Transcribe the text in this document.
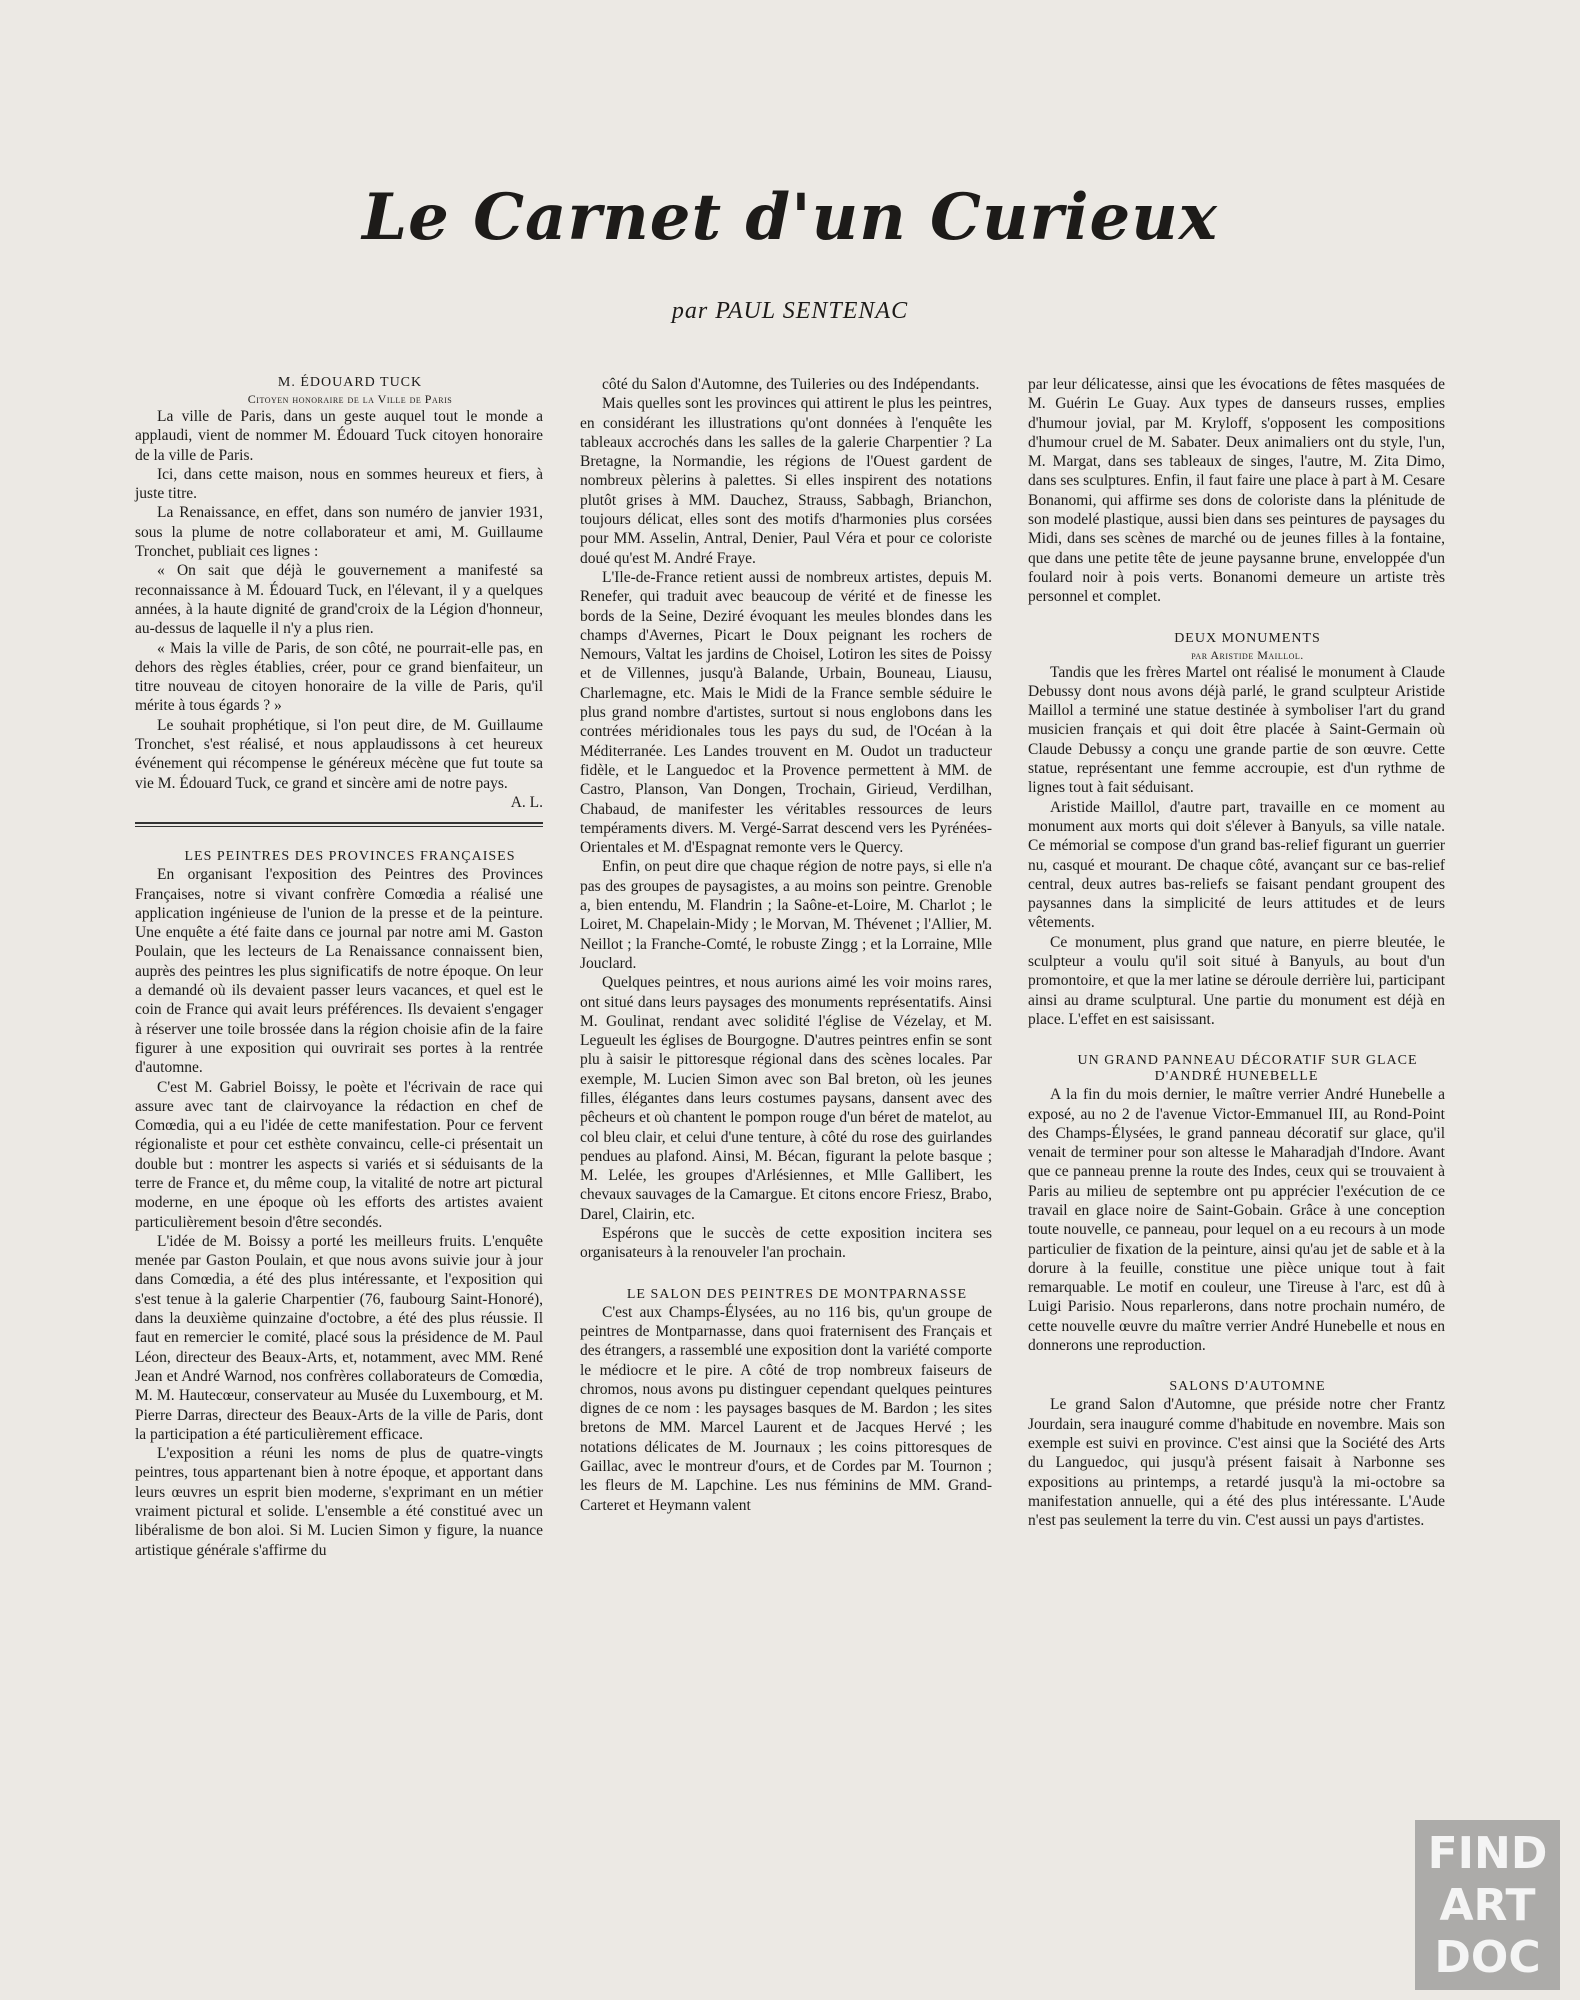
Le Carnet d'un Curieux

par PAUL SENTENAC

M. ÉDOUARD TUCK
Citoyen honoraire de la Ville de Paris

La ville de Paris, dans un geste auquel tout le monde a applaudi, vient de nommer M. Édouard Tuck citoyen honoraire de la ville de Paris.

Ici, dans cette maison, nous en sommes heureux et fiers, à juste titre.

La Renaissance, en effet, dans son numéro de janvier 1931, sous la plume de notre collaborateur et ami, M. Guillaume Tronchet, publiait ces lignes :

« On sait que déjà le gouvernement a manifesté sa reconnaissance à M. Édouard Tuck, en l'élevant, il y a quelques années, à la haute dignité de grand'croix de la Légion d'honneur, au-dessus de laquelle il n'y a plus rien.

« Mais la ville de Paris, de son côté, ne pourrait-elle pas, en dehors des règles établies, créer, pour ce grand bienfaiteur, un titre nouveau de citoyen honoraire de la ville de Paris, qu'il mérite à tous égards ? »

Le souhait prophétique, si l'on peut dire, de M. Guillaume Tronchet, s'est réalisé, et nous applaudissons à cet heureux événement qui récompense le généreux mécène que fut toute sa vie M. Édouard Tuck, ce grand et sincère ami de notre pays.

A. L.

LES PEINTRES DES PROVINCES FRANÇAISES

En organisant l'exposition des Peintres des Provinces Françaises, notre si vivant confrère Comœdia a réalisé une application ingénieuse de l'union de la presse et de la peinture. Une enquête a été faite dans ce journal par notre ami M. Gaston Poulain, que les lecteurs de La Renaissance connaissent bien, auprès des peintres les plus significatifs de notre époque. On leur a demandé où ils devaient passer leurs vacances, et quel est le coin de France qui avait leurs préférences. Ils devaient s'engager à réserver une toile brossée dans la région choisie afin de la faire figurer à une exposition qui ouvrirait ses portes à la rentrée d'automne.

C'est M. Gabriel Boissy, le poète et l'écrivain de race qui assure avec tant de clairvoyance la rédaction en chef de Comœdia, qui a eu l'idée de cette manifestation. Pour ce fervent régionaliste et pour cet esthète convaincu, celle-ci présentait un double but : montrer les aspects si variés et si séduisants de la terre de France et, du même coup, la vitalité de notre art pictural moderne, en une époque où les efforts des artistes avaient particulièrement besoin d'être secondés.

L'idée de M. Boissy a porté les meilleurs fruits. L'enquête menée par Gaston Poulain, et que nous avons suivie jour à jour dans Comœdia, a été des plus intéressante, et l'exposition qui s'est tenue à la galerie Charpentier (76, faubourg Saint-Honoré), dans la deuxième quinzaine d'octobre, a été des plus réussie. Il faut en remercier le comité, placé sous la présidence de M. Paul Léon, directeur des Beaux-Arts, et, notamment, avec MM. René Jean et André Warnod, nos confrères collaborateurs de Comœdia, M. M. Hautecœur, conservateur au Musée du Luxembourg, et M. Pierre Darras, directeur des Beaux-Arts de la ville de Paris, dont la participation a été particulièrement efficace.

L'exposition a réuni les noms de plus de quatre-vingts peintres, tous appartenant bien à notre époque, et apportant dans leurs œuvres un esprit bien moderne, s'exprimant en un métier vraiment pictural et solide. L'ensemble a été constitué avec un libéralisme de bon aloi. Si M. Lucien Simon y figure, la nuance artistique générale s'affirme du

côté du Salon d'Automne, des Tuileries ou des Indépendants.

Mais quelles sont les provinces qui attirent le plus les peintres, en considérant les illustrations qu'ont données à l'enquête les tableaux accrochés dans les salles de la galerie Charpentier ? La Bretagne, la Normandie, les régions de l'Ouest gardent de nombreux pèlerins à palettes. Si elles inspirent des notations plutôt grises à MM. Dauchez, Strauss, Sabbagh, Brianchon, toujours délicat, elles sont des motifs d'harmonies plus corsées pour MM. Asselin, Antral, Denier, Paul Véra et pour ce coloriste doué qu'est M. André Fraye.

L'Ile-de-France retient aussi de nombreux artistes, depuis M. Renefer, qui traduit avec beaucoup de vérité et de finesse les bords de la Seine, Deziré évoquant les meules blondes dans les champs d'Avernes, Picart le Doux peignant les rochers de Nemours, Valtat les jardins de Choisel, Lotiron les sites de Poissy et de Villennes, jusqu'à Balande, Urbain, Bouneau, Liausu, Charlemagne, etc. Mais le Midi de la France semble séduire le plus grand nombre d'artistes, surtout si nous englobons dans les contrées méridionales tous les pays du sud, de l'Océan à la Méditerranée. Les Landes trouvent en M. Oudot un traducteur fidèle, et le Languedoc et la Provence permettent à MM. de Castro, Planson, Van Dongen, Trochain, Girieud, Verdilhan, Chabaud, de manifester les véritables ressources de leurs tempéraments divers. M. Vergé-Sarrat descend vers les Pyrénées-Orientales et M. d'Espagnat remonte vers le Quercy.

Enfin, on peut dire que chaque région de notre pays, si elle n'a pas des groupes de paysagistes, a au moins son peintre. Grenoble a, bien entendu, M. Flandrin ; la Saône-et-Loire, M. Charlot ; le Loiret, M. Chapelain-Midy ; le Morvan, M. Thévenet ; l'Allier, M. Neillot ; la Franche-Comté, le robuste Zingg ; et la Lorraine, Mlle Jouclard.

Quelques peintres, et nous aurions aimé les voir moins rares, ont situé dans leurs paysages des monuments représentatifs. Ainsi M. Goulinat, rendant avec solidité l'église de Vézelay, et M. Legueult les églises de Bourgogne. D'autres peintres enfin se sont plu à saisir le pittoresque régional dans des scènes locales. Par exemple, M. Lucien Simon avec son Bal breton, où les jeunes filles, élégantes dans leurs costumes paysans, dansent avec des pêcheurs et où chantent le pompon rouge d'un béret de matelot, au col bleu clair, et celui d'une tenture, à côté du rose des guirlandes pendues au plafond. Ainsi, M. Bécan, figurant la pelote basque ; M. Lelée, les groupes d'Arlésiennes, et Mlle Gallibert, les chevaux sauvages de la Camargue. Et citons encore Friesz, Brabo, Darel, Clairin, etc.

Espérons que le succès de cette exposition incitera ses organisateurs à la renouveler l'an prochain.

LE SALON DES PEINTRES DE MONTPARNASSE

C'est aux Champs-Élysées, au no 116 bis, qu'un groupe de peintres de Montparnasse, dans quoi fraternisent des Français et des étrangers, a rassemblé une exposition dont la variété comporte le médiocre et le pire. A côté de trop nombreux faiseurs de chromos, nous avons pu distinguer cependant quelques peintures dignes de ce nom : les paysages basques de M. Bardon ; les sites bretons de MM. Marcel Laurent et de Jacques Hervé ; les notations délicates de M. Journaux ; les coins pittoresques de Gaillac, avec le montreur d'ours, et de Cordes par M. Tournon ; les fleurs de M. Lapchine. Les nus féminins de MM. Grand-Carteret et Heymann valent

par leur délicatesse, ainsi que les évocations de fêtes masquées de M. Guérin Le Guay. Aux types de danseurs russes, emplies d'humour jovial, par M. Kryloff, s'opposent les compositions d'humour cruel de M. Sabater. Deux animaliers ont du style, l'un, M. Margat, dans ses tableaux de singes, l'autre, M. Zita Dimo, dans ses sculptures. Enfin, il faut faire une place à part à M. Cesare Bonanomi, qui affirme ses dons de coloriste dans la plénitude de son modelé plastique, aussi bien dans ses peintures de paysages du Midi, dans ses scènes de marché ou de jeunes filles à la fontaine, que dans une petite tête de jeune paysanne brune, enveloppée d'un foulard noir à pois verts. Bonanomi demeure un artiste très personnel et complet.

DEUX MONUMENTS
par Aristide Maillol.

Tandis que les frères Martel ont réalisé le monument à Claude Debussy dont nous avons déjà parlé, le grand sculpteur Aristide Maillol a terminé une statue destinée à symboliser l'art du grand musicien français et qui doit être placée à Saint-Germain où Claude Debussy a conçu une grande partie de son œuvre. Cette statue, représentant une femme accroupie, est d'un rythme de lignes tout à fait séduisant.

Aristide Maillol, d'autre part, travaille en ce moment au monument aux morts qui doit s'élever à Banyuls, sa ville natale. Ce mémorial se compose d'un grand bas-relief figurant un guerrier nu, casqué et mourant. De chaque côté, avançant sur ce bas-relief central, deux autres bas-reliefs se faisant pendant groupent des paysannes dans la simplicité de leurs attitudes et de leurs vêtements.

Ce monument, plus grand que nature, en pierre bleutée, le sculpteur a voulu qu'il soit situé à Banyuls, au bout d'un promontoire, et que la mer latine se déroule derrière lui, participant ainsi au drame sculptural. Une partie du monument est déjà en place. L'effet en est saisissant.

UN GRAND PANNEAU DÉCORATIF SUR GLACE D'ANDRÉ HUNEBELLE

A la fin du mois dernier, le maître verrier André Hunebelle a exposé, au no 2 de l'avenue Victor-Emmanuel III, au Rond-Point des Champs-Élysées, le grand panneau décoratif sur glace, qu'il venait de terminer pour son altesse le Maharadjah d'Indore. Avant que ce panneau prenne la route des Indes, ceux qui se trouvaient à Paris au milieu de septembre ont pu apprécier l'exécution de ce travail en glace noire de Saint-Gobain. Grâce à une conception toute nouvelle, ce panneau, pour lequel on a eu recours à un mode particulier de fixation de la peinture, ainsi qu'au jet de sable et à la dorure à la feuille, constitue une pièce unique tout à fait remarquable. Le motif en couleur, une Tireuse à l'arc, est dû à Luigi Parisio. Nous reparlerons, dans notre prochain numéro, de cette nouvelle œuvre du maître verrier André Hunebelle et nous en donnerons une reproduction.

SALONS D'AUTOMNE

Le grand Salon d'Automne, que préside notre cher Frantz Jourdain, sera inauguré comme d'habitude en novembre. Mais son exemple est suivi en province. C'est ainsi que la Société des Arts du Languedoc, qui jusqu'à présent faisait à Narbonne ses expositions au printemps, a retardé jusqu'à la mi-octobre sa manifestation annuelle, qui a été des plus intéressante. L'Aude n'est pas seulement la terre du vin. C'est aussi un pays d'artistes.

FIND
ART
DOC
